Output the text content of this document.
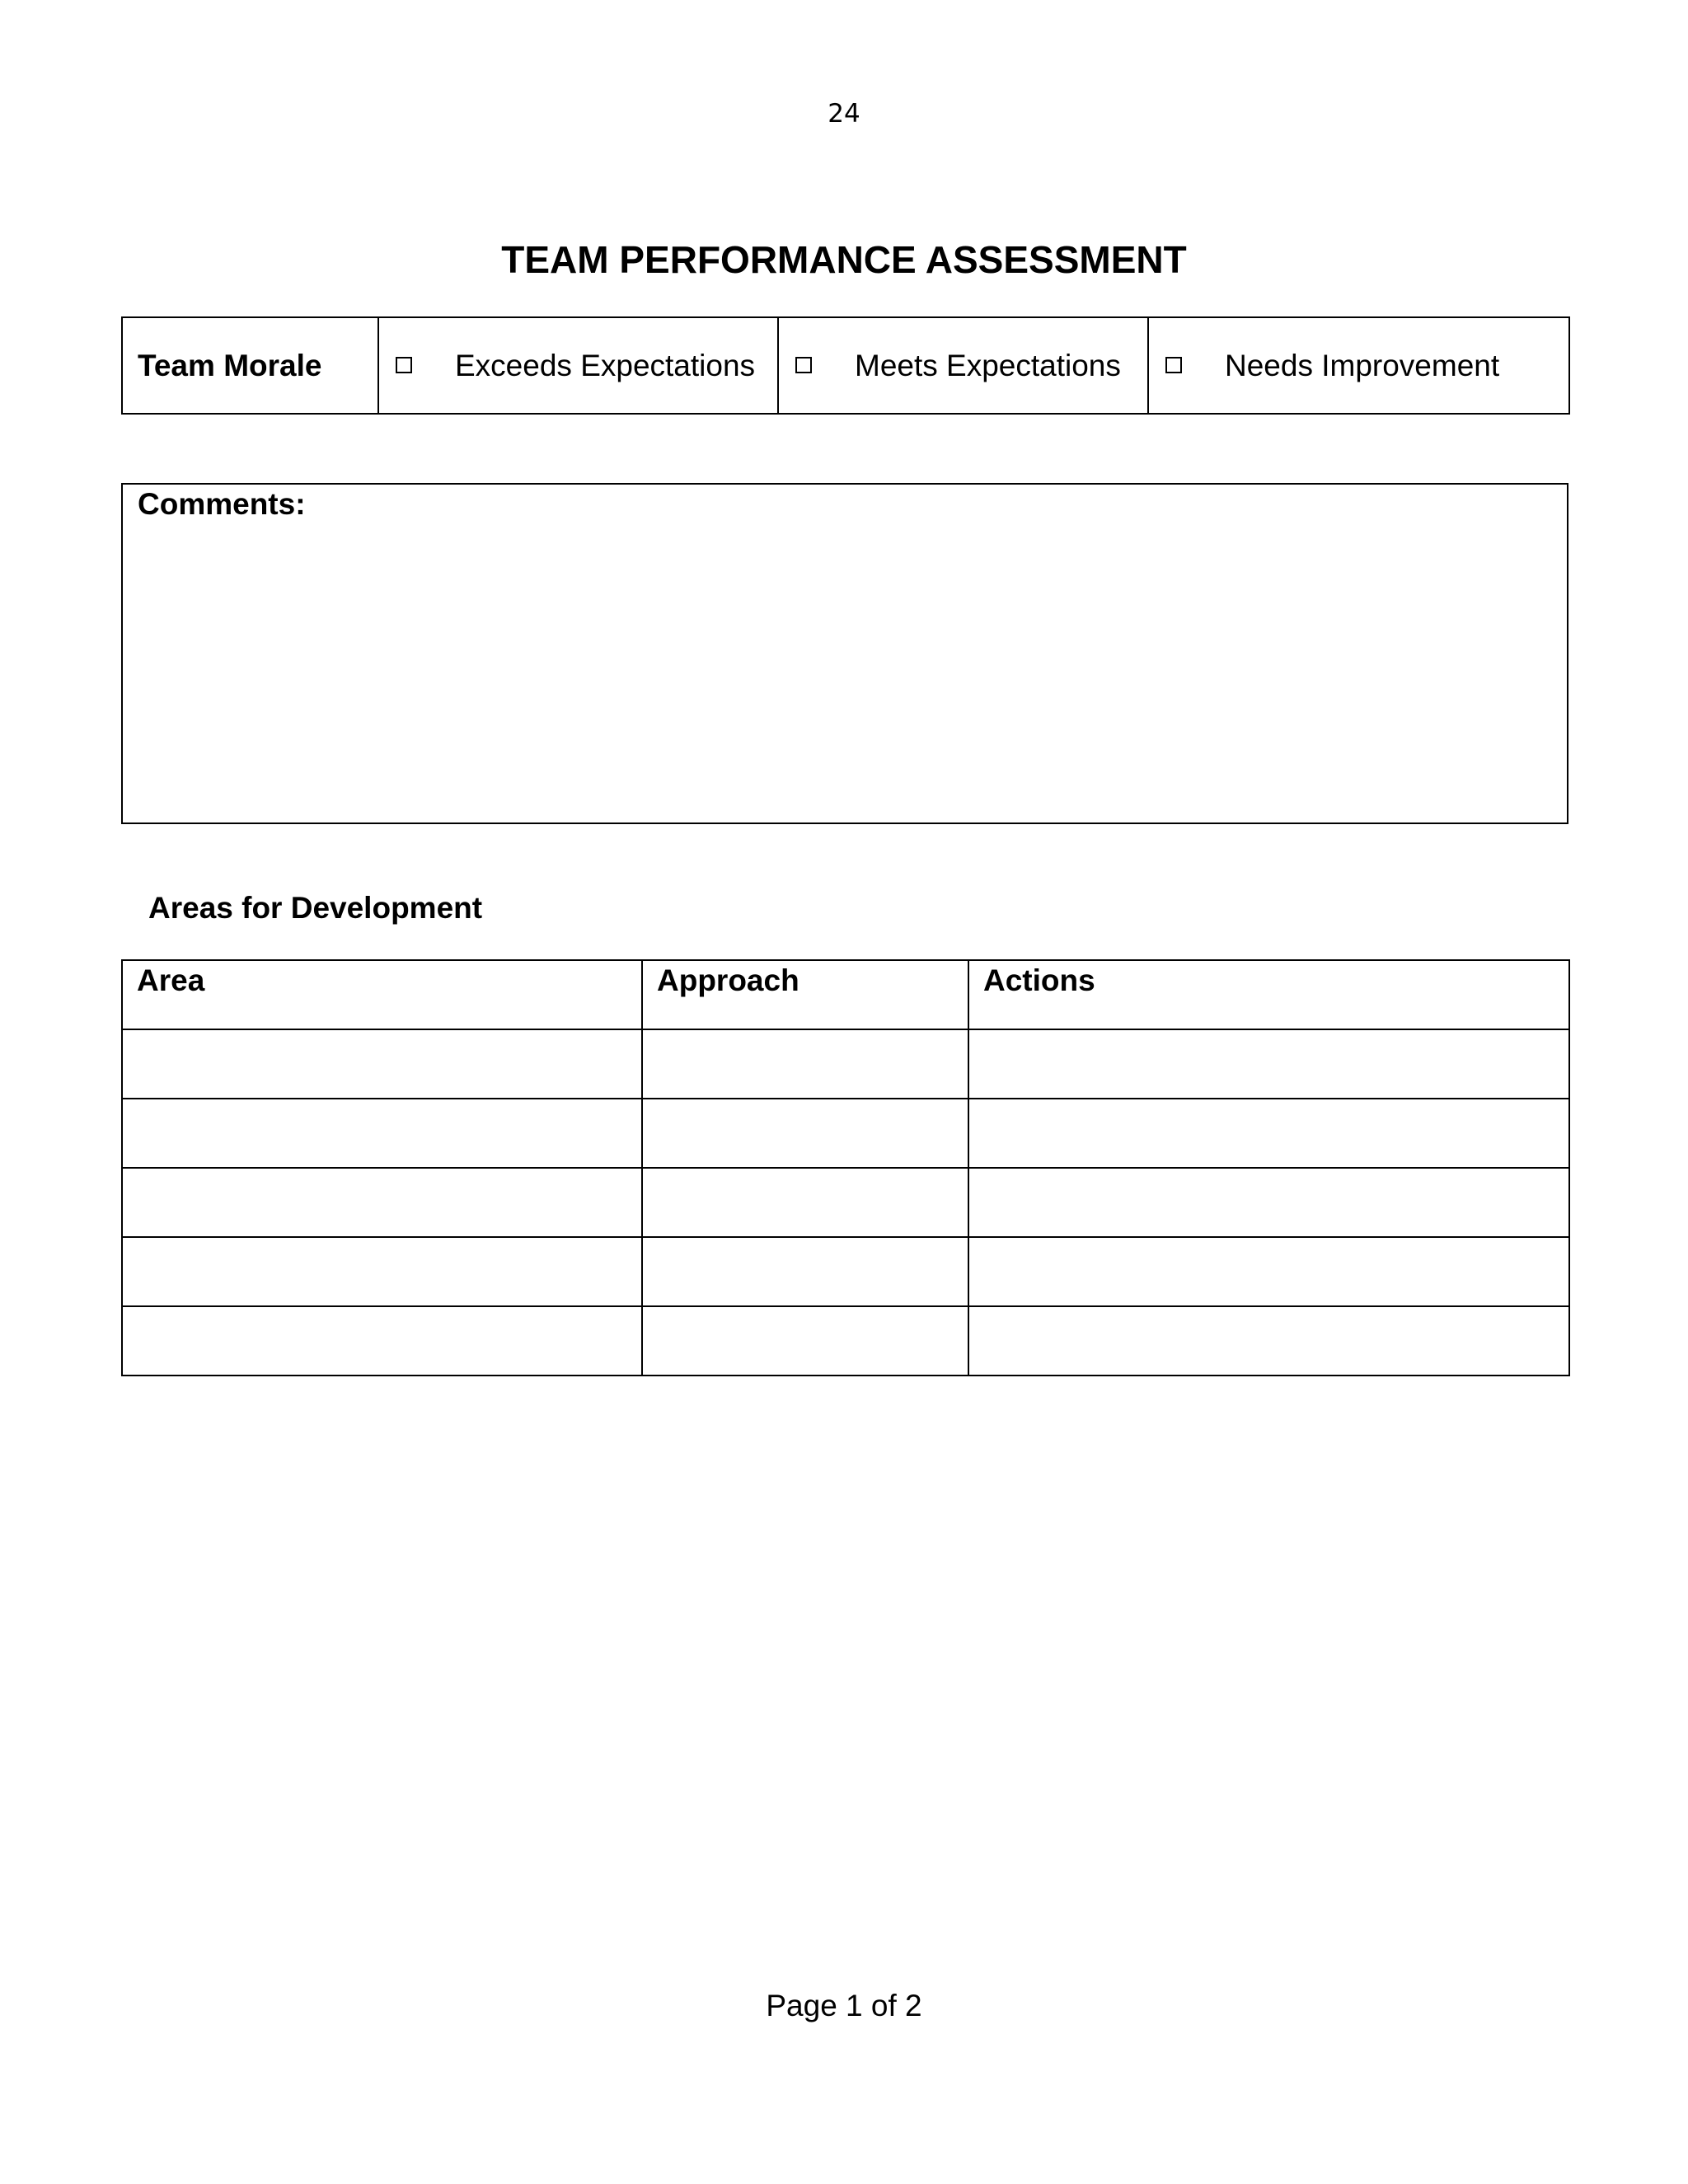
24
TEAM PERFORMANCE ASSESSMENT
Team Morale	Exceeds Expectations	Meets Expectations	Needs Improvement
Comments:
Areas for Development
Area	Approach	Actions

Page 1 of 2
